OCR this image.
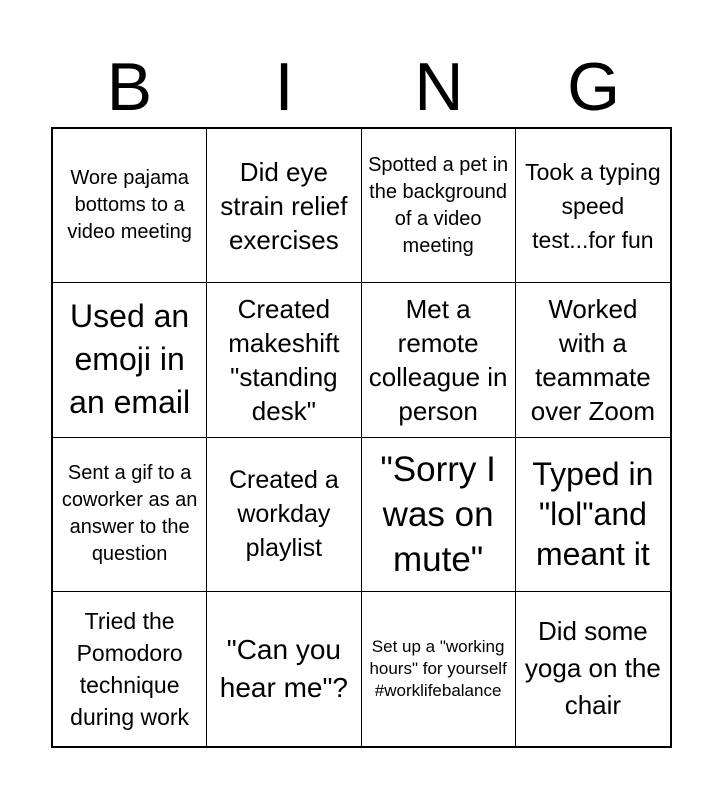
B	I	N	G
Wore pajama bottoms to a video meeting
Did eye strain relief exercises
Spotted a pet in the background of a video meeting
Took a typing speed test...for fun
Used an emoji in an email
Created makeshift "standing desk"
Met a remote colleague in person
Worked with a teammate over Zoom
Sent a gif to a coworker as an answer to the question
Created a workday playlist
"Sorry I was on mute"
Typed in "lol"and meant it
Tried the Pomodoro technique during work
"Can you hear me"?
Set up a "working hours" for yourself #worklifebalance
Did some yoga on the chair
